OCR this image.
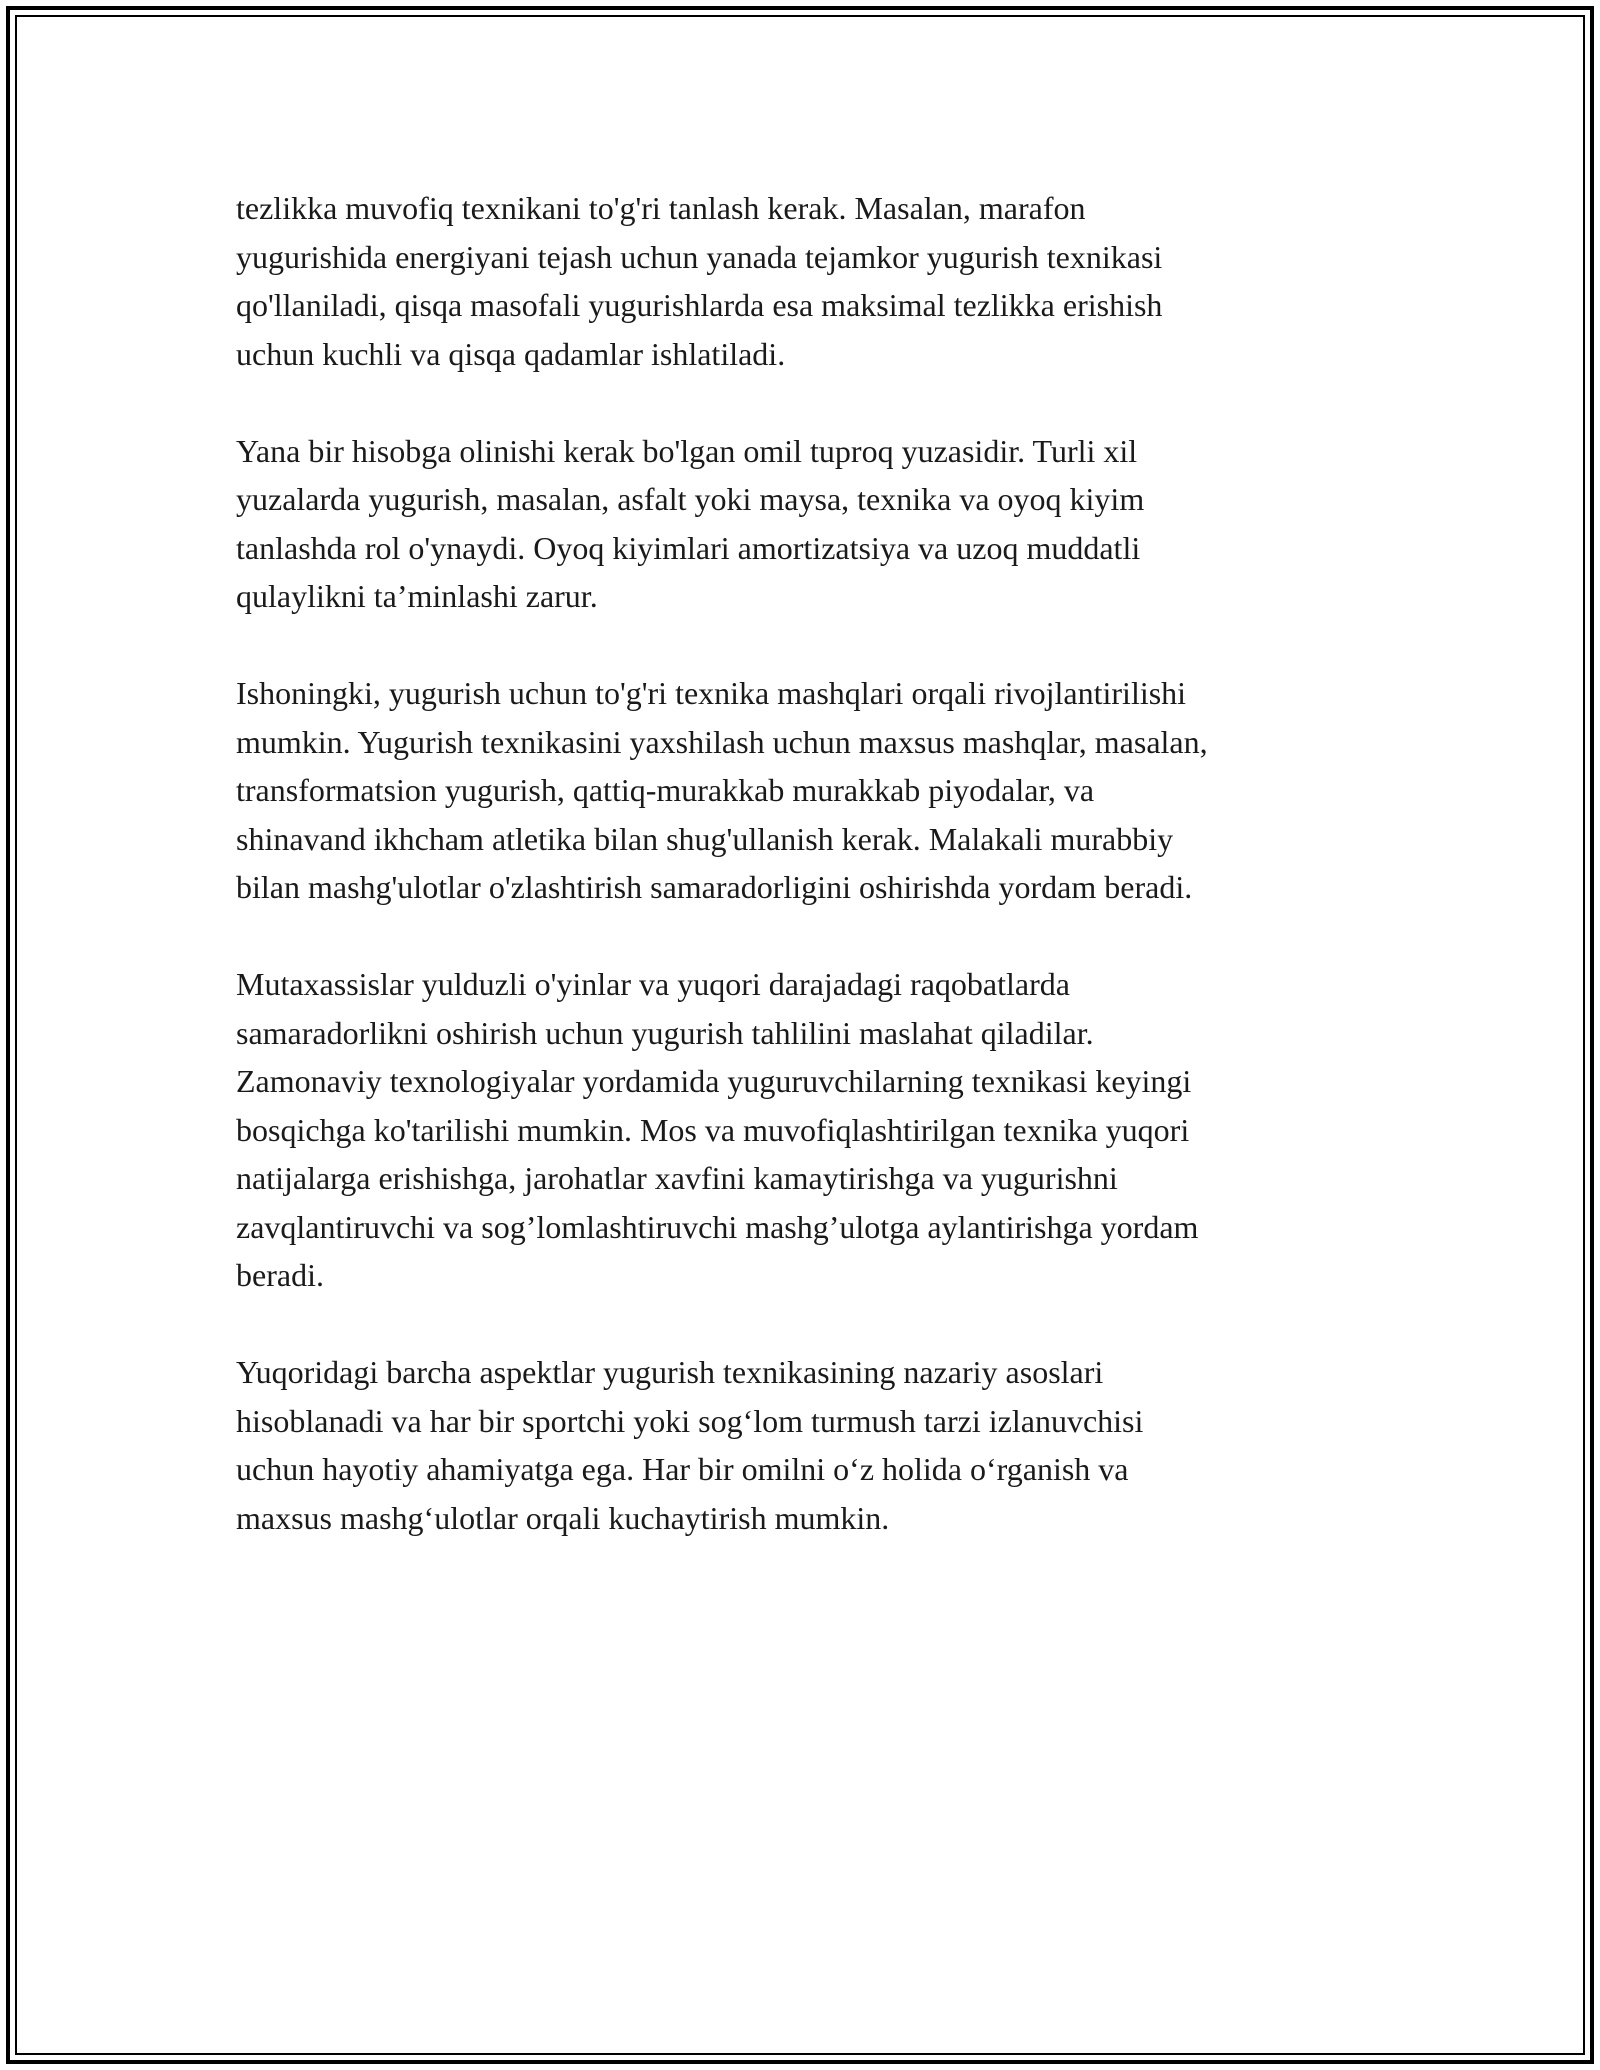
tezlikka muvofiq texnikani to'g'ri tanlash kerak. Masalan, marafon
yugurishida energiyani tejash uchun yanada tejamkor yugurish texnikasi
qo'llaniladi, qisqa masofali yugurishlarda esa maksimal tezlikka erishish
uchun kuchli va qisqa qadamlar ishlatiladi.

Yana bir hisobga olinishi kerak bo'lgan omil tuproq yuzasidir. Turli xil
yuzalarda yugurish, masalan, asfalt yoki maysa, texnika va oyoq kiyim
tanlashda rol o'ynaydi. Oyoq kiyimlari amortizatsiya va uzoq muddatli
qulaylikni ta’minlashi zarur.

Ishoningki, yugurish uchun to'g'ri texnika mashqlari orqali rivojlantirilishi
mumkin. Yugurish texnikasini yaxshilash uchun maxsus mashqlar, masalan,
transformatsion yugurish, qattiq-murakkab murakkab piyodalar, va
shinavand ikhcham atletika bilan shug'ullanish kerak. Malakali murabbiy
bilan mashg'ulotlar o'zlashtirish samaradorligini oshirishda yordam beradi.

Mutaxassislar yulduzli o'yinlar va yuqori darajadagi raqobatlarda
samaradorlikni oshirish uchun yugurish tahlilini maslahat qiladilar.
Zamonaviy texnologiyalar yordamida yuguruvchilarning texnikasi keyingi
bosqichga ko'tarilishi mumkin. Mos va muvofiqlashtirilgan texnika yuqori
natijalarga erishishga, jarohatlar xavfini kamaytirishga va yugurishni
zavqlantiruvchi va sog’lomlashtiruvchi mashg’ulotga aylantirishga yordam
beradi.

Yuqoridagi barcha aspektlar yugurish texnikasining nazariy asoslari
hisoblanadi va har bir sportchi yoki sog‘lom turmush tarzi izlanuvchisi
uchun hayotiy ahamiyatga ega. Har bir omilni o‘z holida o‘rganish va
maxsus mashg‘ulotlar orqali kuchaytirish mumkin.
